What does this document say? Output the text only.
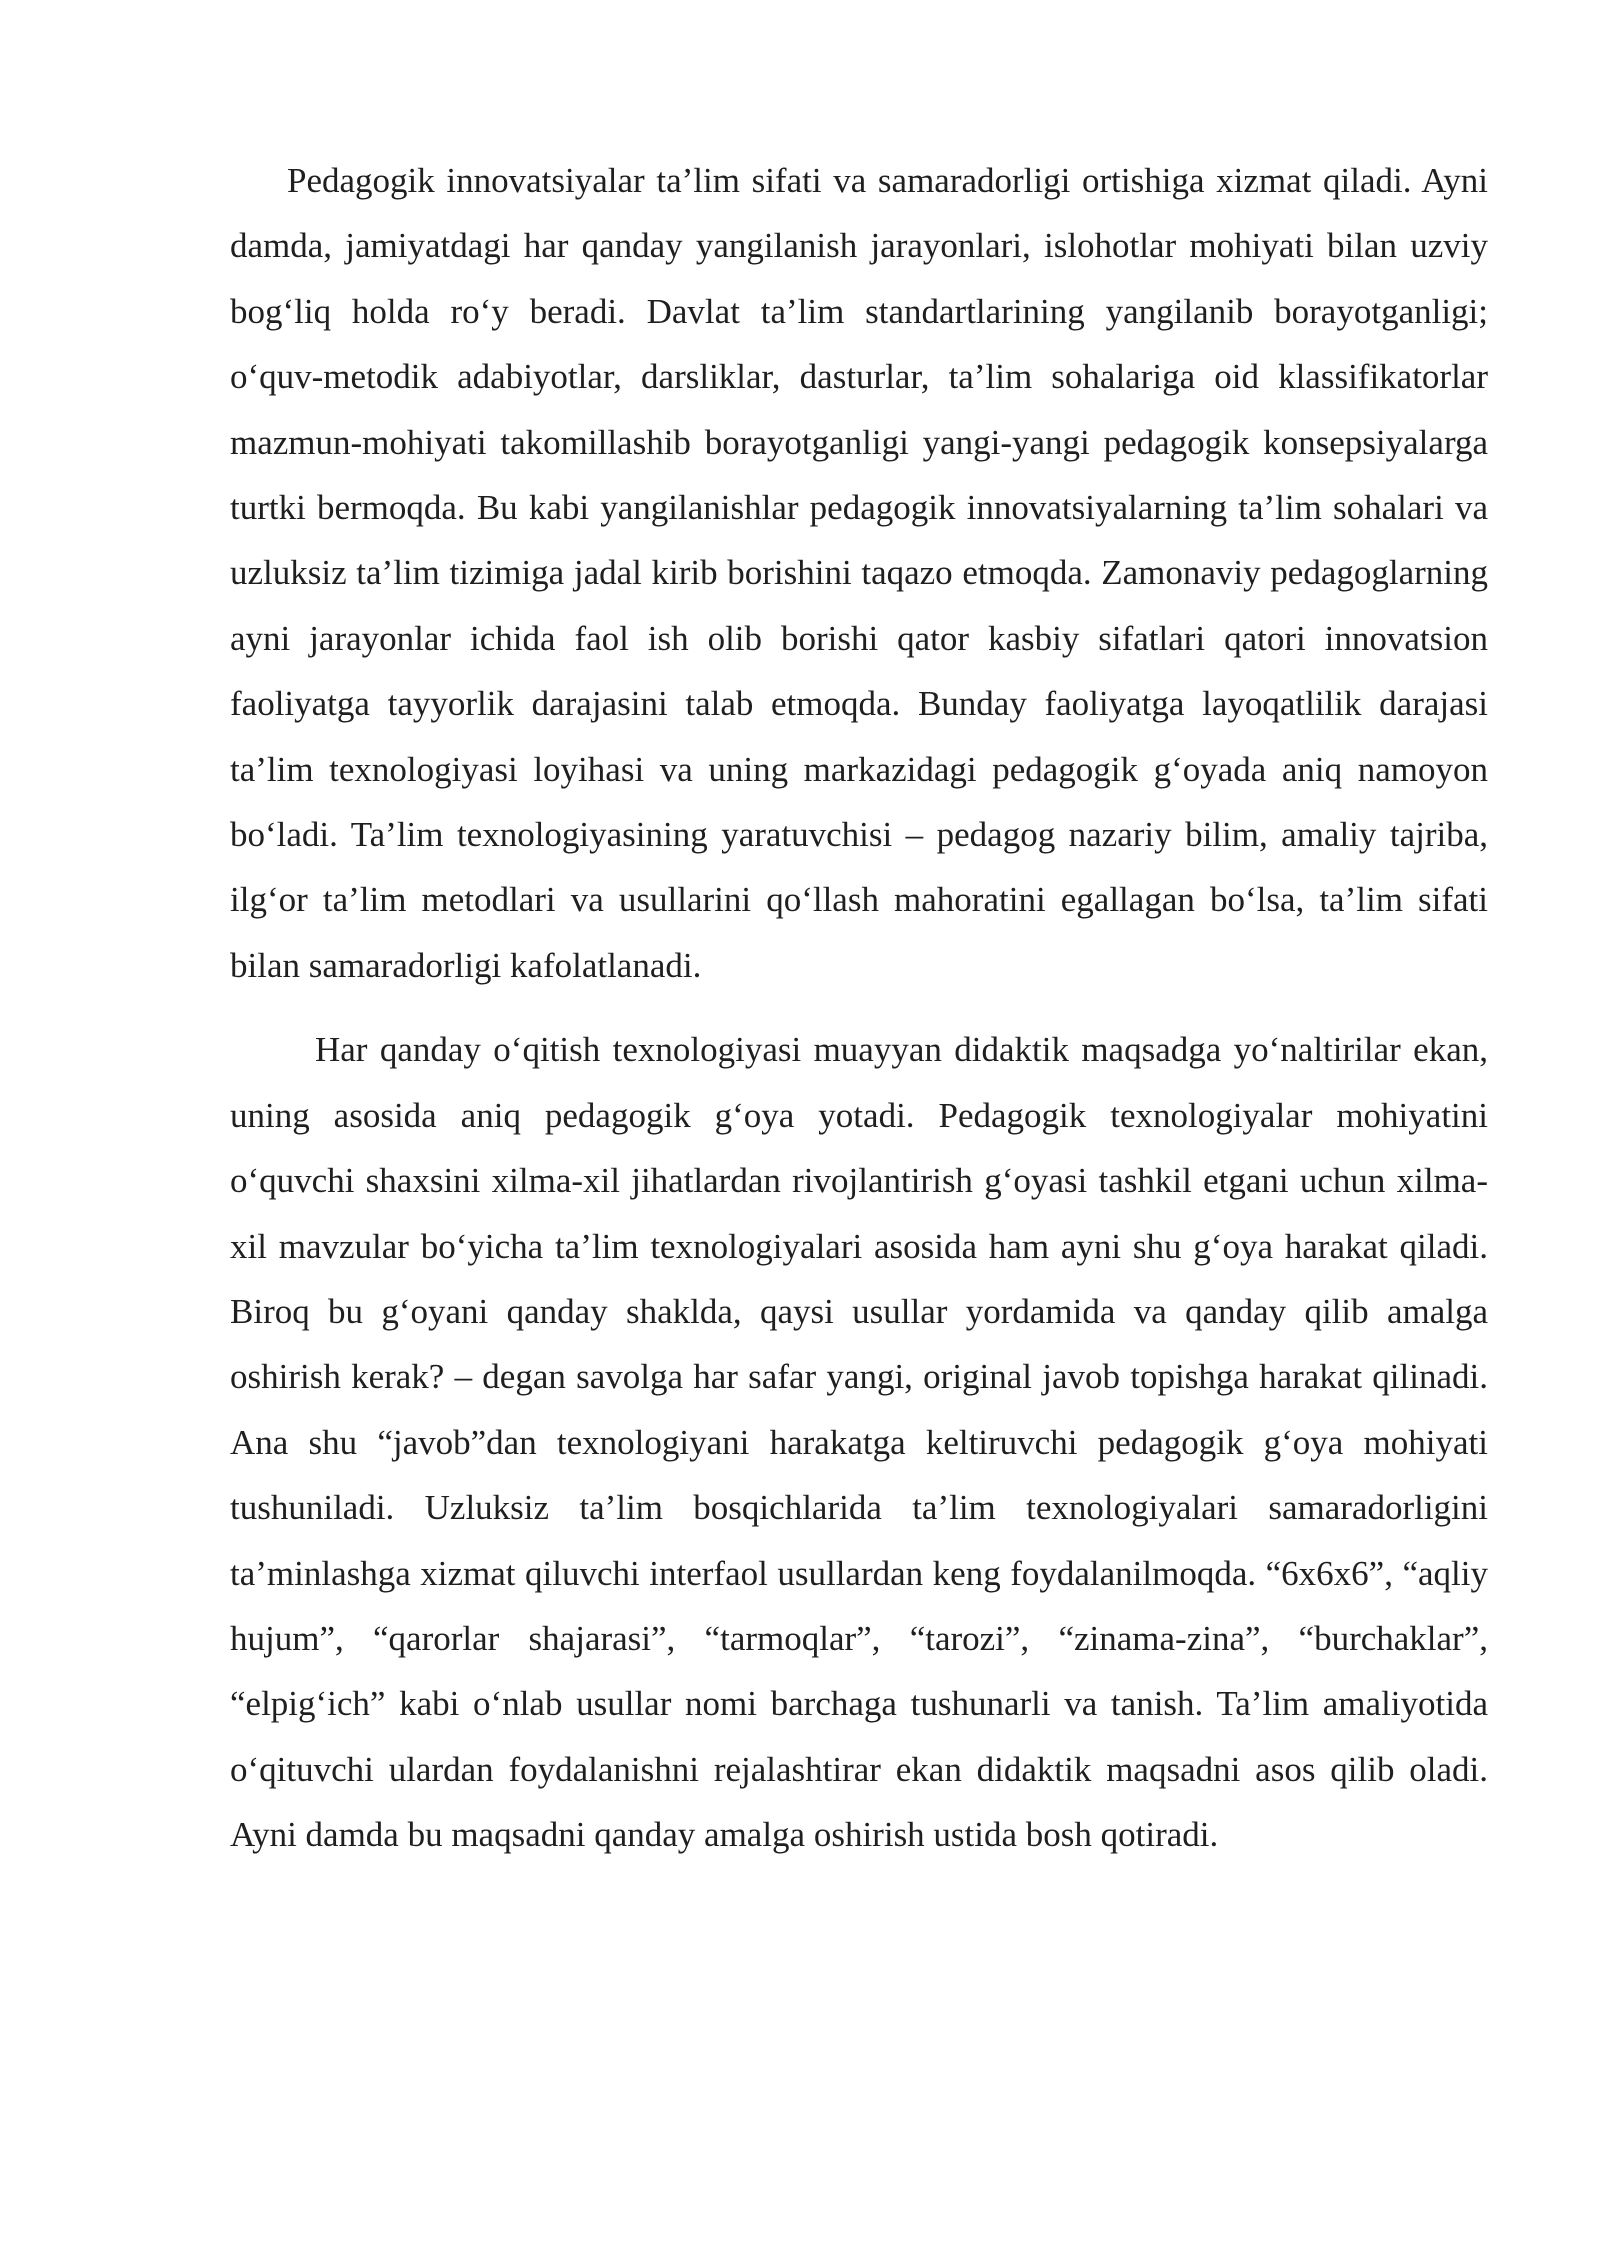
Pedagogik innovatsiyalar ta’lim sifati va samaradorligi ortishiga xizmat qiladi. Ayni damda, jamiyatdagi har qanday yangilanish jarayonlari, islohotlar mohiyati bilan uzviy bog‘liq holda ro‘y beradi. Davlat ta’lim standartlarining yangilanib borayotganligi; o‘quv-metodik adabiyotlar, darsliklar, dasturlar, ta’lim sohalariga oid klassifikatorlar mazmun-mohiyati takomillashib borayotganligi yangi-yangi pedagogik konsepsiyalarga turtki bermoqda. Bu kabi yangilanishlar pedagogik innovatsiyalarning ta’lim sohalari va uzluksiz ta’lim tizimiga jadal kirib borishini taqazo etmoqda. Zamonaviy pedagoglarning ayni jarayonlar ichida faol ish olib borishi qator kasbiy sifatlari qatori innovatsion faoliyatga tayyorlik darajasini talab etmoqda. Bunday faoliyatga layoqatlilik darajasi ta’lim texnologiyasi loyihasi va uning markazidagi pedagogik g‘oyada aniq namoyon bo‘ladi. Ta’lim texnologiyasining yaratuvchisi – pedagog nazariy bilim, amaliy tajriba, ilg‘or ta’lim metodlari va usullarini qo‘llash mahoratini egallagan bo‘lsa, ta’lim sifati bilan samaradorligi kafolatlanadi.

Har qanday o‘qitish texnologiyasi muayyan didaktik maqsadga yo‘naltirilar ekan, uning asosida aniq pedagogik g‘oya yotadi. Pedagogik texnologiyalar mohiyatini o‘quvchi shaxsini xilma-xil jihatlardan rivojlantirish g‘oyasi tashkil etgani uchun xilma-xil mavzular bo‘yicha ta’lim texnologiyalari asosida ham ayni shu g‘oya harakat qiladi. Biroq bu g‘oyani qanday shaklda, qaysi usullar yordamida va qanday qilib amalga oshirish kerak? – degan savolga har safar yangi, original javob topishga harakat qilinadi. Ana shu “javob”dan texnologiyani harakatga keltiruvchi pedagogik g‘oya mohiyati tushuniladi. Uzluksiz ta’lim bosqichlarida ta’lim texnologiyalari samaradorligini ta’minlashga xizmat qiluvchi interfaol usullardan keng foydalanilmoqda. “6x6x6”, “aqliy hujum”, “qarorlar shajarasi”, “tarmoqlar”, “tarozi”, “zinama-zina”, “burchaklar”, “elpig‘ich” kabi o‘nlab usullar nomi barchaga tushunarli va tanish. Ta’lim amaliyotida o‘qituvchi ulardan foydalanishni rejalashtirar ekan didaktik maqsadni asos qilib oladi. Ayni damda bu maqsadni qanday amalga oshirish ustida bosh qotiradi.
